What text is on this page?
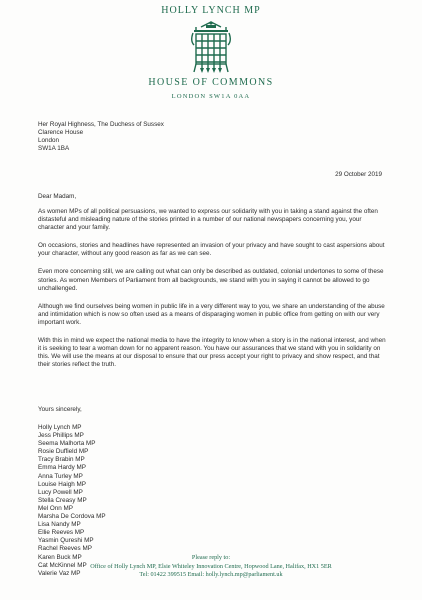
HOLLY LYNCH MP
HOUSE OF COMMONS
LONDON SW1A 0AA
Her Royal Highness, The Duchess of Sussex
Clarence House
London
SW1A 1BA
29 October 2019
Dear Madam,

As women MPs of all political persuasions, we wanted to express our solidarity with you in taking a stand against the often distasteful and misleading nature of the stories printed in a number of our national newspapers concerning you, your character and your family.

On occasions, stories and headlines have represented an invasion of your privacy and have sought to cast aspersions about your character, without any good reason as far as we can see.

Even more concerning still, we are calling out what can only be described as outdated, colonial undertones to some of these stories. As women Members of Parliament from all backgrounds, we stand with you in saying it cannot be allowed to go unchallenged.

Although we find ourselves being women in public life in a very different way to you, we share an understanding of the abuse and intimidation which is now so often used as a means of disparaging women in public office from getting on with our very important work.

With this in mind we expect the national media to have the integrity to know when a story is in the national interest, and when it is seeking to tear a woman down for no apparent reason. You have our assurances that we stand with you in solidarity on this. We will use the means at our disposal to ensure that our press accept your right to privacy and show respect, and that their stories reflect the truth.

Yours sincerely,
Holly Lynch MP
Jess Phillips MP
Seema Malhorta MP
Rosie Duffield MP
Tracy Brabin MP
Emma Hardy MP
Anna Turley MP
Louise Haigh MP
Lucy Powell MP
Stella Creasy MP
Mel Onn MP
Marsha De Cordova MP
Lisa Nandy MP
Ellie Reeves MP
Yasmin Qureshi MP
Rachel Reeves MP
Karen Buck MP
Cat McKinnel MP
Valerie Vaz MP
Please reply to:
Office of Holly Lynch MP, Elsie Whiteley Innovation Centre, Hopwood Lane, Halifax, HX1 5ER
Tel: 01422 399515 Email: holly.lynch.mp@parliament.uk
